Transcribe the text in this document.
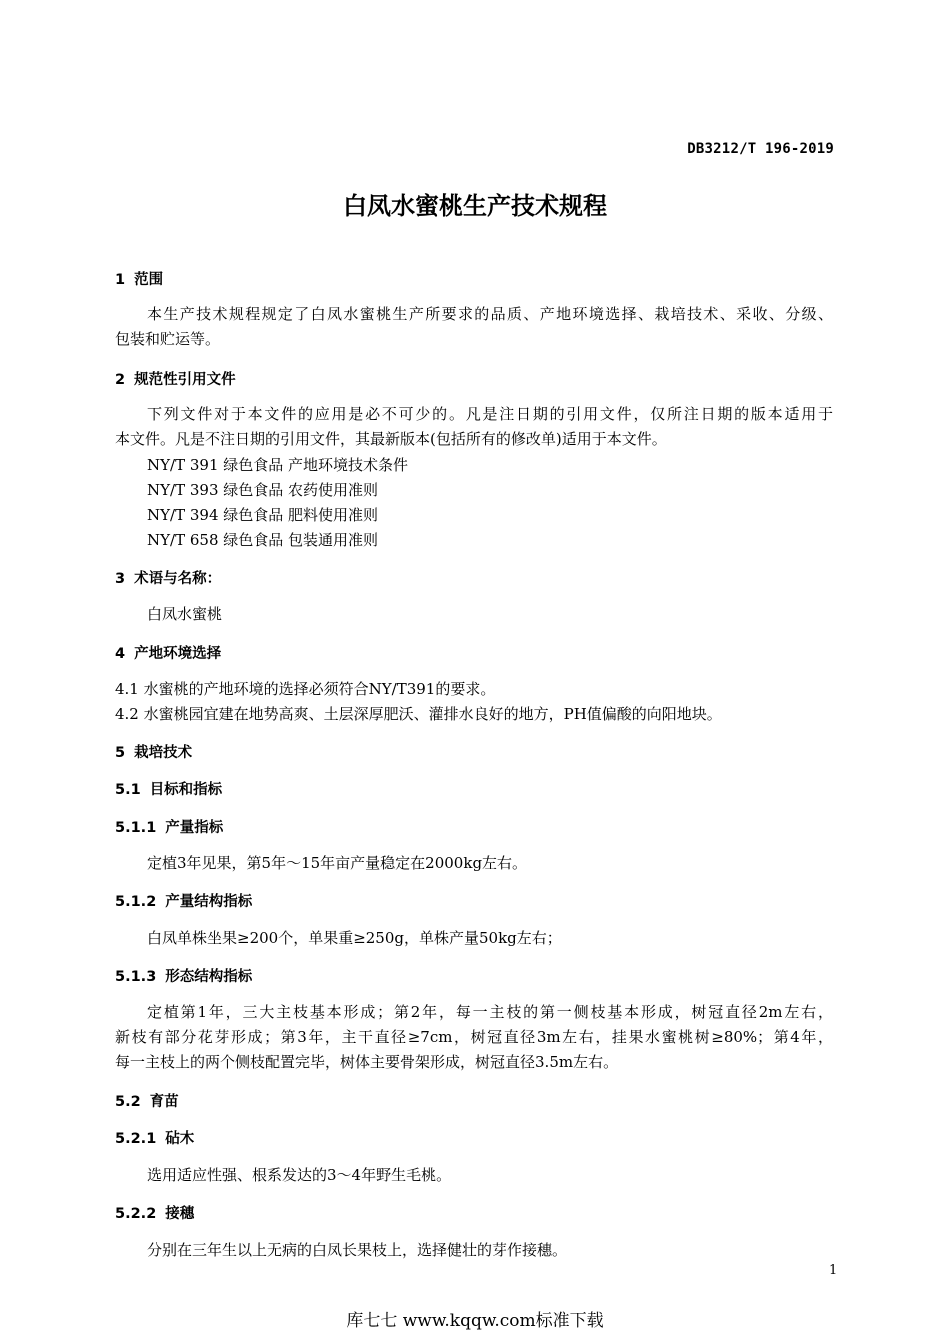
DB3212/T 196-2019
白凤水蜜桃生产技术规程
1 范围
本生产技术规程规定了白凤水蜜桃生产所要求的品质、产地环境选择、栽培技术、采收、分级、
包装和贮运等。
2 规范性引用文件
下列文件对于本文件的应用是必不可少的。凡是注日期的引用文件，仅所注日期的版本适用于
本文件。凡是不注日期的引用文件，其最新版本(包括所有的修改单)适用于本文件。
NY/T 391 绿色食品 产地环境技术条件
NY/T 393 绿色食品 农药使用准则
NY/T 394 绿色食品 肥料使用准则
NY/T 658 绿色食品 包装通用准则
3 术语与名称：
白凤水蜜桃
4 产地环境选择
4.1 水蜜桃的产地环境的选择必须符合NY/T391的要求。
4.2 水蜜桃园宜建在地势高爽、土层深厚肥沃、灌排水良好的地方，PH值偏酸的向阳地块。
5 栽培技术
5.1 目标和指标
5.1.1 产量指标
定植3年见果，第5年～15年亩产量稳定在2000kg左右。
5.1.2 产量结构指标
白凤单株坐果≥200个，单果重≥250g，单株产量50kg左右；
5.1.3 形态结构指标
定植第1年，三大主枝基本形成；第2年，每一主枝的第一侧枝基本形成，树冠直径2m左右，
新枝有部分花芽形成；第3年，主干直径≥7cm，树冠直径3m左右，挂果水蜜桃树≥80%；第4年，
每一主枝上的两个侧枝配置完毕，树体主要骨架形成，树冠直径3.5m左右。
5.2 育苗
5.2.1 砧木
选用适应性强、根系发达的3～4年野生毛桃。
5.2.2 接穗
分别在三年生以上无病的白凤长果枝上，选择健壮的芽作接穗。
1
库七七 www.kqqw.com标准下载
